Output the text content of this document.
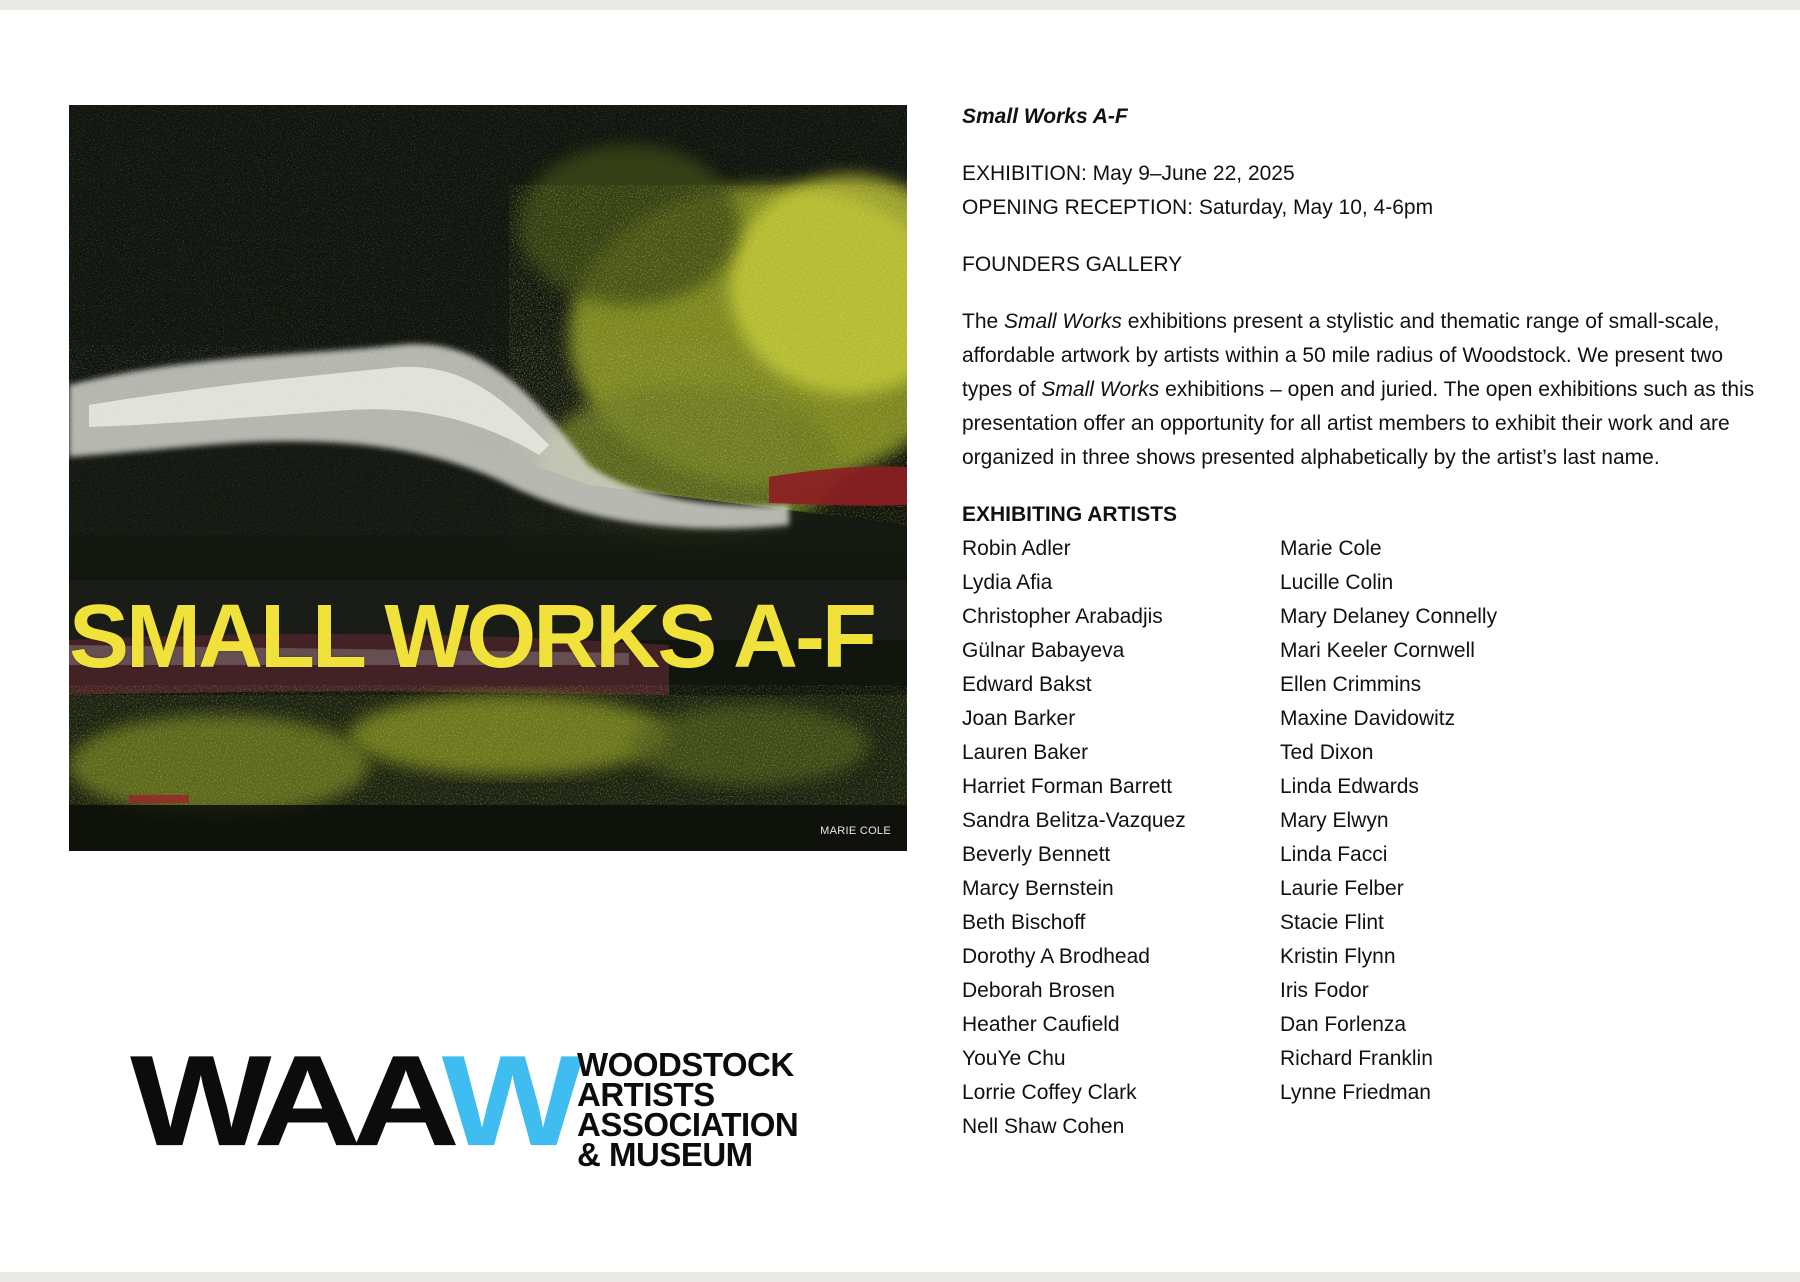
SMALL WORKS A-F
MARIE COLE
WAAW WOODSTOCK
ARTISTS
ASSOCIATION
& MUSEUM
Small Works A-F
EXHIBITION: May 9–June 22, 2025
OPENING RECEPTION: Saturday, May 10, 4-6pm
FOUNDERS GALLERY
The Small Works exhibitions present a stylistic and thematic range of small-scale, affordable artwork by artists within a 50 mile radius of Woodstock. We present two types of Small Works exhibitions – open and juried. The open exhibitions such as this presentation offer an opportunity for all artist members to exhibit their work and are organized in three shows presented alphabetically by the artist’s last name.
EXHIBITING ARTISTS
Robin Adler
Lydia Afia
Christopher Arabadjis
Gülnar Babayeva
Edward Bakst
Joan Barker
Lauren Baker
Harriet Forman Barrett
Sandra Belitza-Vazquez
Beverly Bennett
Marcy Bernstein
Beth Bischoff
Dorothy A Brodhead
Deborah Brosen
Heather Caufield
YouYe Chu
Lorrie Coffey Clark
Nell Shaw Cohen
Marie Cole
Lucille Colin
Mary Delaney Connelly
Mari Keeler Cornwell
Ellen Crimmins
Maxine Davidowitz
Ted Dixon
Linda Edwards
Mary Elwyn
Linda Facci
Laurie Felber
Stacie Flint
Kristin Flynn
Iris Fodor
Dan Forlenza
Richard Franklin
Lynne Friedman
